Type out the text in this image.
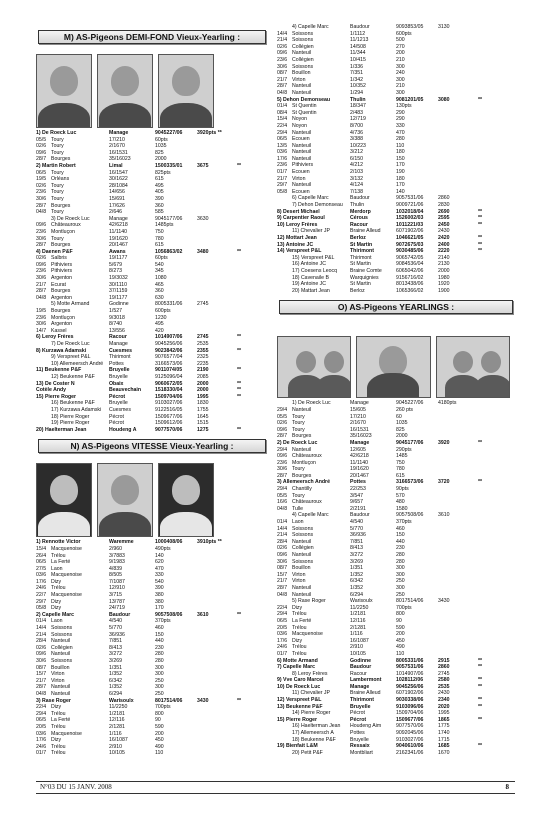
M) AS-Pigeons DEMI-FOND Vieux-Yearling :
1) De Roeck Luc	Manage	9045227/06	3920pts **
05/5 Toury	17/210	60pts
02/6 Toury	2/1670	1035
09/6 Toury	16/1531	825
28/7 Bourges	35/16023	2000
2) Martin Robert	Limal	1500335/01	3675	**
06/5 Toury	16/1547	825pts
19/5 Orléans	30/1622	615
02/6 Toury	28/1084	495
23/6 Toury	14/656	405
30/6 Toury	15/691	390
28/7 Bourges	17/626	360
04/8 Toury	2/646	585
3) De Roeck Luc	Manage	9045177/06	3630
09/6 Châteauroux	42/6218	1485pts
23/6 Montluçon	11/1140	750
30/6 Toury	19/1620	780
28/7 Bourges	20/1467	615
4) Daenen P&F	Awans	1056863/02	3480	**
02/6 Salbris	19/1177	60pts
09/6 Pithiviers	5/679	540
23/6 Pithiviers	8/273	345
30/6 Argenton	19/3032	1080
21/7 Ecurat	30/1110	465
28/7 Bourges	37/1159	360
04/8 Argenton	19/1177	630
5) Motte Armand	Godinne	8005331/06	2745
19/5 Bourges	1/527	600pts
23/6 Montluçon	9/3018	1230
30/6 Argenton	8/740	495
14/7 Kassel	13/556	420
6) Leroy Frères	Racour	1014907/06	2745	**
7) De Roeck Luc	Manage	9045256/06	2535
8) Kurzawa Adamski	Cuesmes	9023842/06	2355	**
9) Verspreet P&L	Thirimont	9076577/04	2325
10) Allemeersch André	Pottes	3166573/06	2235
11) Beukenne P&F	Bruyelle	9011074/05	2190	**
12) Beukenne P&F	Bruyelle	9125096/04	2085
13) De Coster N	Obaix	9060672/05	2000	**
Cotèle Andy	Beauvechain	1518330/04	2000	**
15) Pierre Roger	Pécrot	1509704/06	1995	**
16) Beukenne P&F	Bruyelle	9103027/06	1830
17) Kurzawa Adamski	Cuesmes	9122516/05	1755
18) Pierre Roger	Pécrot	1509677/06	1645
19) Pierre Roger	Pécrot	1509612/06	1515
20) Haelterman Jean	Houdeng A	9077570/06	1275	**
N) AS-Pigeons VITESSE Vieux-Yearling :
1) Rennotte Victor	Waremme	1000408/06	3910pts **
15/4 Macquenoise	2/960	490pts
26/4 Trélou	3/7883	140
06/5 La Ferté	9/1983	620
27/5 Laon	4/839	470
03/6 Macquenoise	8/505	330
17/6 Dizy	7/1087	540
24/6 Trélou	12/910	390
22/7 Macquenoise	3/715	380
29/7 Dizy	13/787	380
05/8 Dizy	24/719	170
2) Capelle Marc	Baudour	9057508/06	3610	**
01/4 Laon	4/540	370pts
14/4 Soissons	5/770	460
21/4 Soissons	36/936	150
28/4 Nanteuil	7/851	440
02/6 Collégien	8/413	230
09/6 Nanteuil	3/272	280
30/6 Soissons	3/269	280
08/7 Bouillon	1/351	300
15/7 Virton	1/352	300
21/7 Virton	6/342	250
28/7 Nanteuil	1/352	300
04/8 Nanteuil	6/294	250
3) Rase Roger	Warisoulx	8017514/06	3430	**
22/4 Dizy	11/2250	700pts
29/4 Trélou	1/2181	800
06/5 La Ferté	12/116	90
20/5 Trélou	2/1281	590
03/6 Macquenoise	1/116	200
17/6 Dizy	16/1087	450
24/6 Trélou	2/910	490
01/7 Trélou	10/105	110
4) Capelle Marc	Baudour	9093853/05	3130
14/4 Soissons	1/1112	600pts
21/4 Soissons	11/1213	500
02/6 Collégien	14/508	270
09/6 Nanteuil	11/344	200
23/6 Collégien	10/415	210
30/6 Soissons	1/336	300
08/7 Bouillon	7/351	240
21/7 Virton	1/342	300
28/7 Nanteuil	10/352	210
04/8 Nanteuil	1/294	300
5) Dehon Demonseau	Thulin	9081201/05	3080	**
01/4 St Quentin	18/347	130pts
08/4 St Quentin	2/483	290
15/4 Noyon	12/719	290
22/4 Noyon	8/700	330
29/4 Nanteuil	4/736	470
06/5 Ecouen	3/388	280
13/5 Nanteuil	10/223	110
03/6 Nanteuil	3/212	180
17/6 Nanteuil	6/150	150
23/6 Pithiviers	4/212	170
01/7 Ecouen	2/103	190
21/7 Virton	3/132	180
29/7 Nanteuil	4/124	170
05/8 Ecouen	7/138	140
6) Capelle Marc	Baudour	9057531/06	2860
7) Dehon Demonseau	Thulin	9009721/06	2830
8) Desert Michael	Merdorp	1032018/04	2690	**
9) Carpentier Raoul	Cérous	1526002/03	2595	**
10) Leroy Frères	Racour	1011221/03	2450	**
11) Chevalier JP	Braine Alleud	6071902/06	2430
12) Mottart Jean	Berloz	1046621/05	2420	**
13) Antoine JC	St Martin	9072675/03	2400	**
14) Verspreet P&L	Thirimont	9030485/06	2220	**
15) Verspreet P&L	Thirimont	9065742/05	2140
16) Antoine JC	St Martin	9084536/04	2130
17) Coesens Leocq	Braine Comte	6065042/06	2000
18) Cavenaile B	Warquignies	9156716/02	1980
19) Antoine JC	St Martin	8013438/06	1920
20) Mattart Jean	Berloz	1065366/02	1900
O) AS-Pigeons YEARLINGS :
1) De Roeck Luc	Manage	9045227/06	4180pts
29/4 Nanteuil	15/605	260 pts
05/5 Toury	17/210	60
02/6 Toury	2/1670	1035
09/6 Toury	16/1531	825
28/7 Bourges	35/16023	2000
2) De Roeck Luc	Manage	9045177/06	3920	**
29/4 Nanteuil	12/605	290pts
09/6 Châteauroux	42/6218	1485
23/6 Montluçon	11/1140	750
30/6 Toury	19/1620	780
28/7 Bourges	20/1467	615
3) Allemeersch André	Pottes	3166573/06	3720	**
29/4 Chantilly	22/253	90pts
05/5 Toury	3/547	570
16/6 Châteauroux	9/657	480
04/8 Tulle	2/2191	1580
4) Capelle Marc	Baudour	9057508/06	3610
01/4 Laon	4/540	370pts
14/4 Soissons	5/770	460
21/4 Soissons	36/936	150
28/4 Nanteuil	7/851	440
02/6 Collégien	8/413	230
09/6 Nanteuil	3/272	280
30/6 Soissons	3/269	280
08/7 Bouillon	1/351	300
15/7 Virton	1/352	300
21/7 Virton	6/342	250
28/7 Nanteuil	1/352	300
04/8 Nanteuil	6/294	250
5) Rase Roger	Warisoulx	8017514/06	3430
22/4 Dizy	11/2250	700pts
29/4 Trélou	1/2181	800
06/5 La Ferté	12/116	90
20/5 Trélou	2/1281	590
03/6 Macquenoise	1/116	200
17/6 Dizy	16/1087	450
24/6 Trélou	2/910	490
01/7 Trélou	10/105	110
6) Motte Armand	Godinne	8005331/06	2915	**
7) Capelle Marc	Baudour	9057531/06	2860	**
8) Leroy Frères	Racour	1014907/06	2745
9) Vve Caro Marcel	Lambermont	1028112/06	2580	**
10) De Roeck Luc	Manage	9045256/06	2535	**
11) Chevalier JP	Braine Alleud	6071902/06	2430
12) Verspreet P&L	Thirimont	9030338/06	2340	**
13) Beukenne P&F	Bruyelle	9103096/06	2020	**
14) Pierre Roger	Pécrot	1509704/06	1995
15) Pierre Roger	Pécrot	1509677/06	1865	**
16) Haelterman Jean	Houdeng Aim	9077570/06	1775
17) Allemeersch A	Pottes	9092045/06	1740
18) Beukenne P&F	Bruyelle	9103027/06	1715
19) Bienfait L&M	Ressaix	9040610/06	1685	**
20) Petit P&F	Montbliart	2162341/06	1670
N°03 DU 15 JANV. 2008	8
